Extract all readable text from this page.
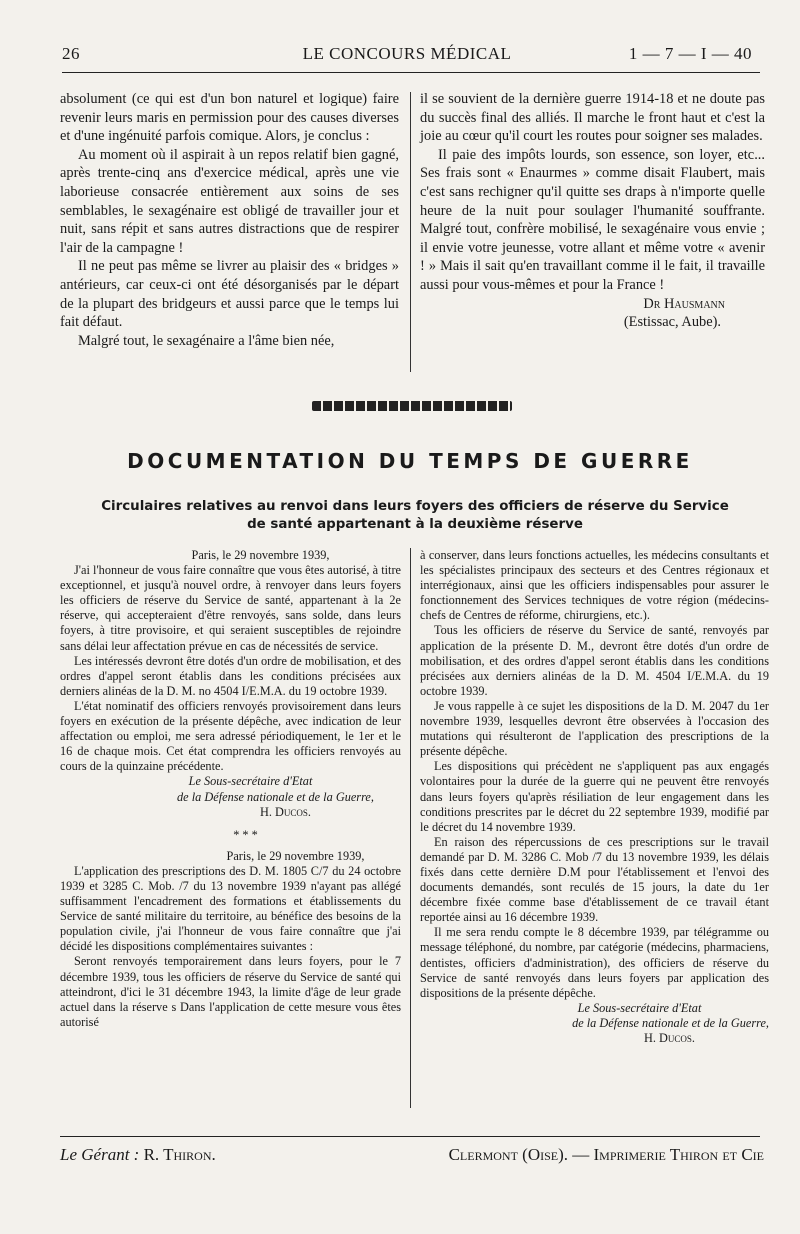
26	LE CONCOURS MÉDICAL	1 — 7 — I — 40

absolument (ce qui est d'un bon naturel et logique) faire revenir leurs maris en permission pour des causes diverses et d'une ingénuité parfois comique. Alors, je conclus :

Au moment où il aspirait à un repos relatif bien gagné, après trente-cinq ans d'exercice médical, après une vie laborieuse consacrée entièrement aux soins de ses semblables, le sexagénaire est obligé de travailler jour et nuit, sans répit et sans autres distractions que de respirer l'air de la campagne !

Il ne peut pas même se livrer au plaisir des « bridges » antérieurs, car ceux-ci ont été désorganisés par le départ de la plupart des bridgeurs et aussi parce que le temps lui fait défaut.

Malgré tout, le sexagénaire a l'âme bien née,

il se souvient de la dernière guerre 1914-18 et ne doute pas du succès final des alliés. Il marche le front haut et c'est la joie au cœur qu'il court les routes pour soigner ses malades.

Il paie des impôts lourds, son essence, son loyer, etc... Ses frais sont « Enaurmes » comme disait Flaubert, mais c'est sans rechigner qu'il quitte ses draps à n'importe quelle heure de la nuit pour soulager l'humanité souffrante. Malgré tout, confrère mobilisé, le sexagénaire vous envie ; il envie votre jeunesse, votre allant et même votre « avenir ! » Mais il sait qu'en travaillant comme il le fait, il travaille aussi pour vous-mêmes et pour la France !

Dr Hausmann

(Estissac, Aube).

DOCUMENTATION DU TEMPS DE GUERRE
Circulaires relatives au renvoi dans leurs foyers des officiers de réserve du Service de santé appartenant à la deuxième réserve

Paris, le 29 novembre 1939,

J'ai l'honneur de vous faire connaître que vous êtes autorisé, à titre exceptionnel, et jusqu'à nouvel ordre, à renvoyer dans leurs foyers les officiers de réserve du Service de santé, appartenant à la 2e réserve, qui accepteraient d'être renvoyés, sans solde, dans leurs foyers, à titre provisoire, et qui seraient susceptibles de rejoindre sans délai leur affectation prévue en cas de nécessités de service.

Les intéressés devront être dotés d'un ordre de mobilisation, et des ordres d'appel seront établis dans les conditions précisées aux derniers alinéas de la D. M. no 4504 I/E.M.A. du 19 octobre 1939.

L'état nominatif des officiers renvoyés provisoirement dans leurs foyers en exécution de la présente dépêche, avec indication de leur affectation ou emploi, me sera adressé périodiquement, le 1er et le 16 de chaque mois. Cet état comprendra les officiers renvoyés au cours de la quinzaine précédente.

Le Sous-secrétaire d'Etat

de la Défense nationale et de la Guerre,

H. Ducos.

* * *

Paris, le 29 novembre 1939,

L'application des prescriptions des D. M. 1805 C/7 du 24 octobre 1939 et 3285 C. Mob. /7 du 13 novembre 1939 n'ayant pas allégé suffisamment l'encadrement des formations et établissements du Service de santé militaire du territoire, au bénéfice des besoins de la population civile, j'ai l'honneur de vous faire connaître que j'ai décidé les dispositions complémentaires suivantes :

Seront renvoyés temporairement dans leurs foyers, pour le 7 décembre 1939, tous les officiers de réserve du Service de santé qui atteindront, d'ici le 31 décembre 1943, la limite d'âge de leur grade actuel dans la réserve s Dans l'application de cette mesure vous êtes autorisé

à conserver, dans leurs fonctions actuelles, les médecins consultants et les spécialistes principaux des secteurs et des Centres régionaux et interrégionaux, ainsi que les officiers indispensables pour assurer le fonctionnement des Services techniques de votre région (médecins-chefs de Centres de réforme, chirurgiens, etc.).

Tous les officiers de réserve du Service de santé, renvoyés par application de la présente D. M., devront être dotés d'un ordre de mobilisation, et des ordres d'appel seront établis dans les conditions précisées aux derniers alinéas de la D. M. 4504 I/E.M.A. du 19 octobre 1939.

Je vous rappelle à ce sujet les dispositions de la D. M. 2047 du 1er novembre 1939, lesquelles devront être observées à l'occasion des mutations qui résulteront de l'application des prescriptions de la présente dépêche.

Les dispositions qui précèdent ne s'appliquent pas aux engagés volontaires pour la durée de la guerre qui ne peuvent être renvoyés dans leurs foyers qu'après résiliation de leur engagement dans les conditions prescrites par le décret du 22 septembre 1939, modifié par le décret du 14 novembre 1939.

En raison des répercussions de ces prescriptions sur le travail demandé par D. M. 3286 C. Mob /7 du 13 novembre 1939, les délais fixés dans cette dernière D.M pour l'établissement et l'envoi des documents demandés, sont reculés de 15 jours, la date du 1er décembre fixée comme base d'établissement de ce travail étant reportée ainsi au 16 décembre 1939.

Il me sera rendu compte le 8 décembre 1939, par télégramme ou message téléphoné, du nombre, par catégorie (médecins, pharmaciens, dentistes, officiers d'administration), des officiers de réserve du Service de santé renvoyés dans leurs foyers par application des dispositions de la présente dépêche.

Le Sous-secrétaire d'Etat

de la Défense nationale et de la Guerre,

H. Ducos.

Le Gérant : R. Thiron.	Clermont (Oise). — Imprimerie Thiron et Cie
